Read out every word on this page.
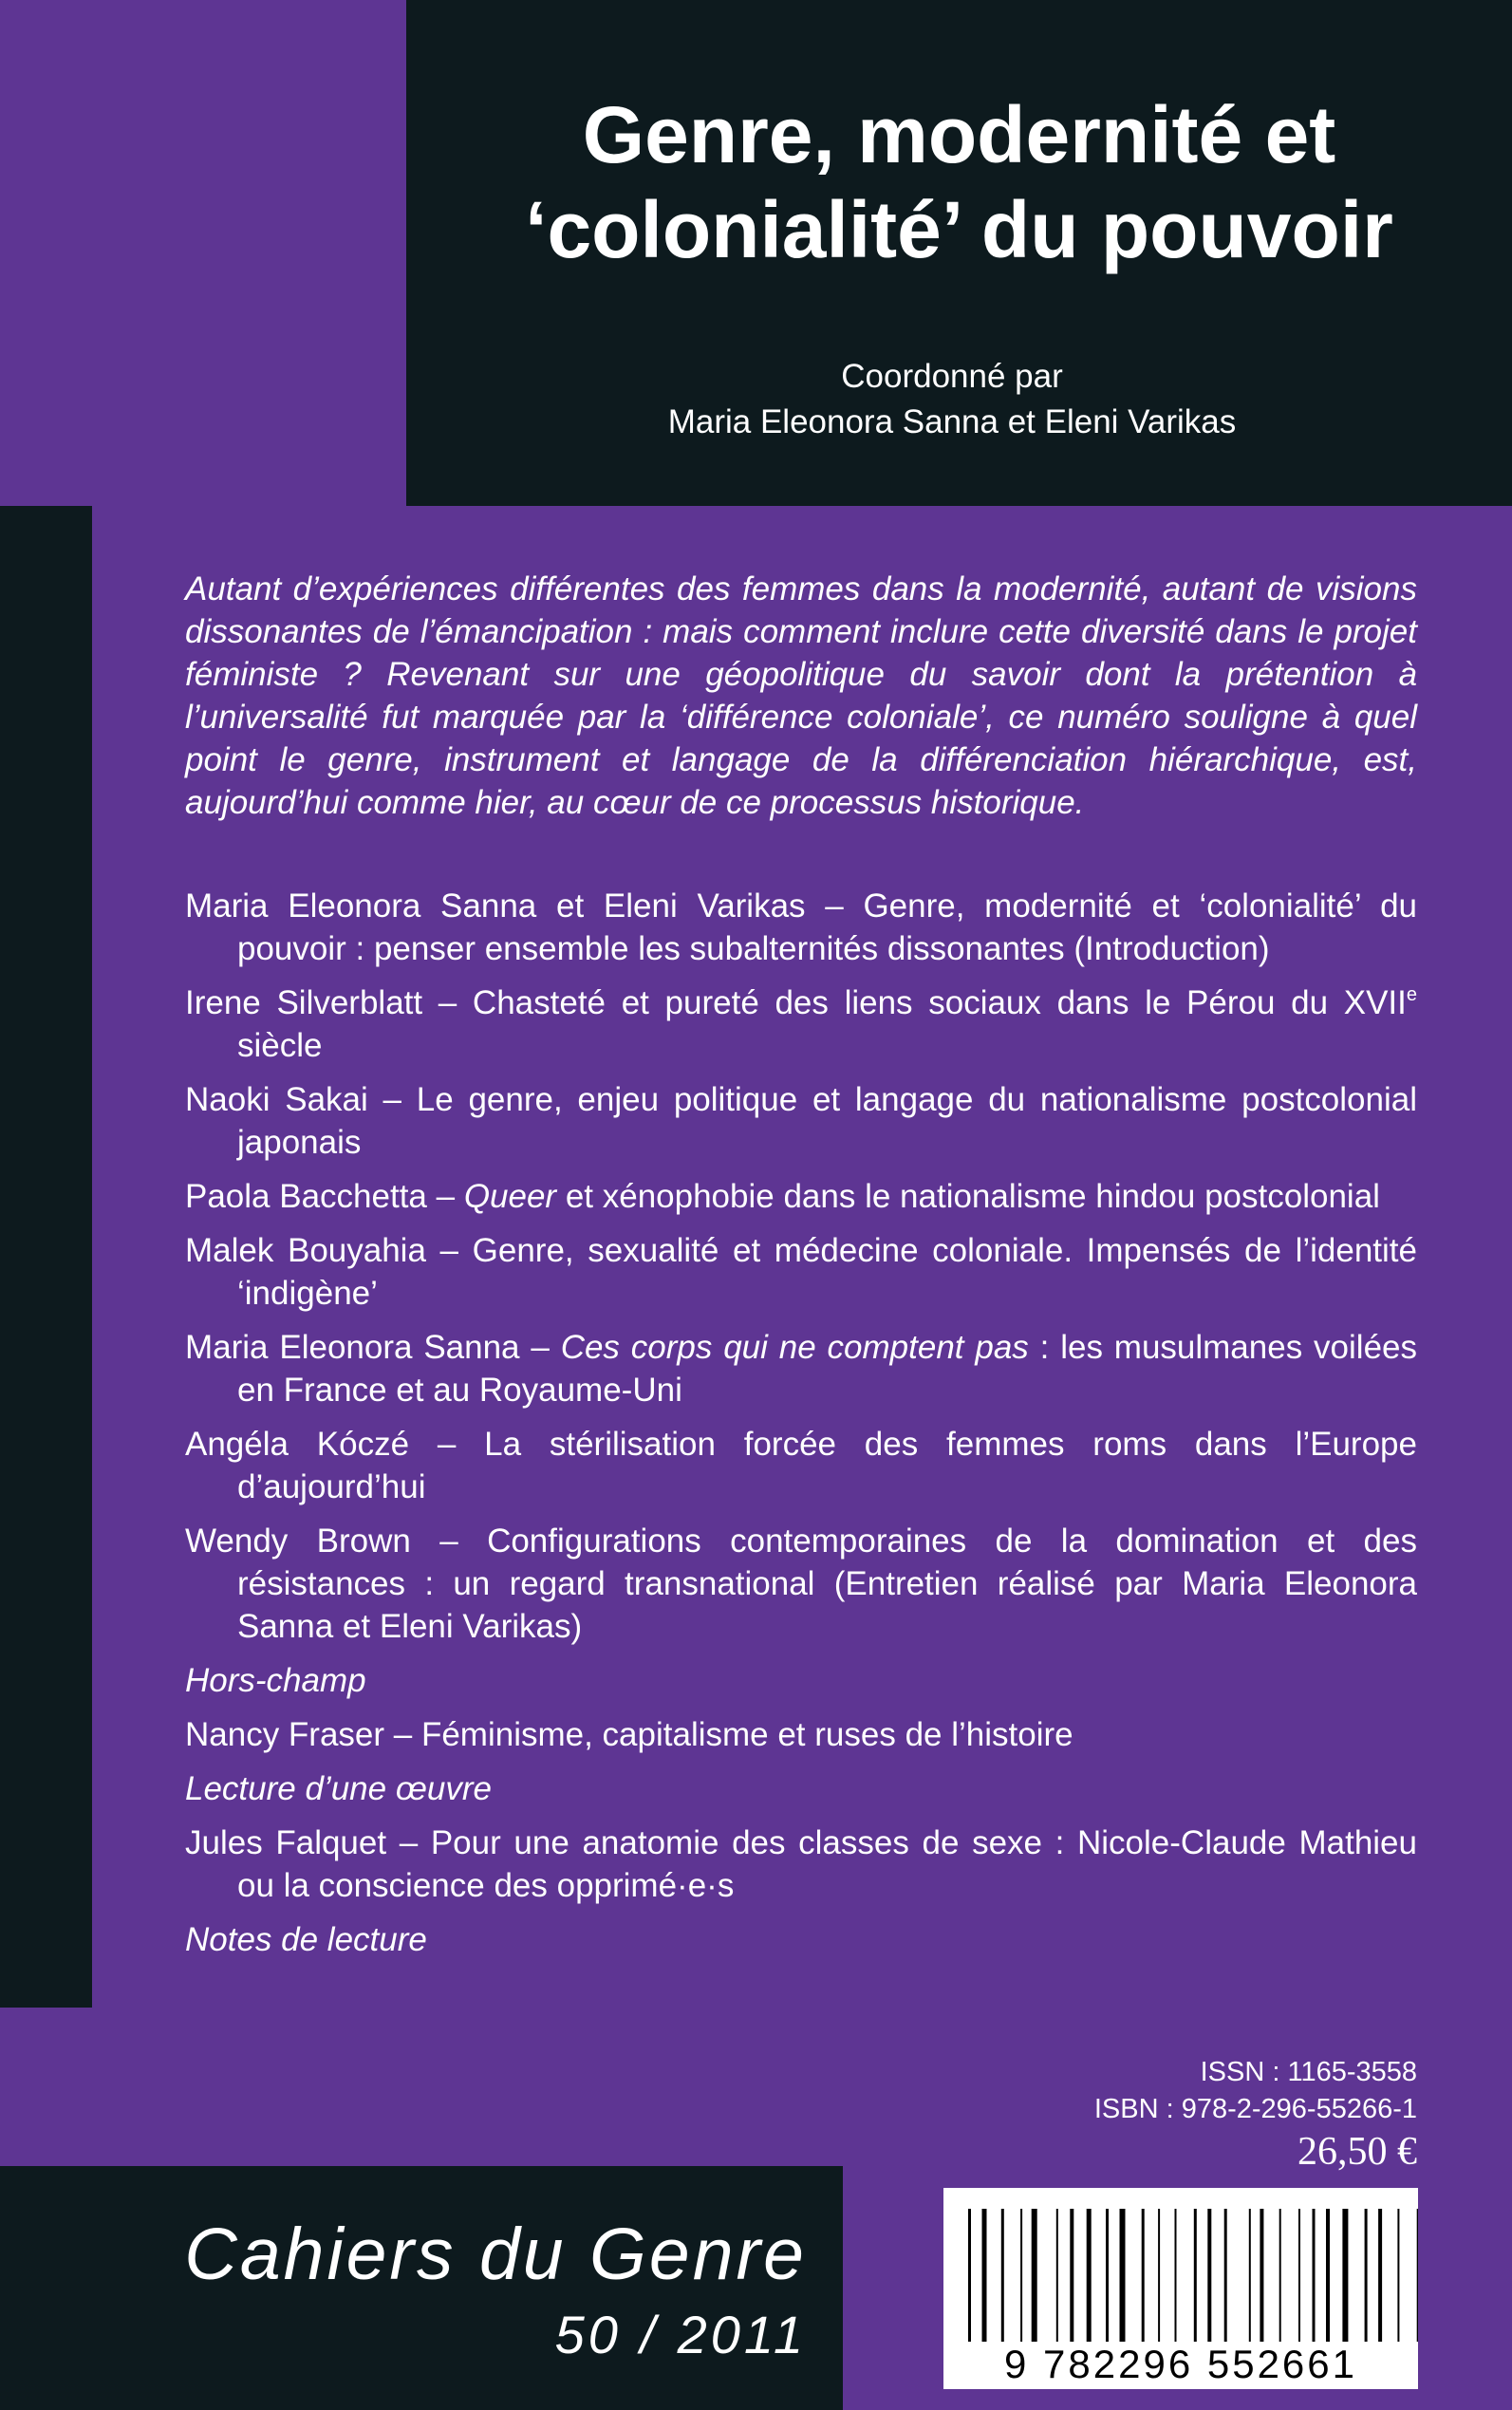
Genre, modernité et
‘colonialité’ du pouvoir
Coordonné par
Maria Eleonora Sanna et Eleni Varikas

Autant d’expériences différentes des femmes dans la modernité, autant de visions dissonantes de l’émancipation : mais comment inclure cette diversité dans le projet féministe ? Revenant sur une géopolitique du savoir dont la prétention à l’universalité fut marquée par la ‘différence coloniale’, ce numéro souligne à quel point le genre, instrument et langage de la différenciation hiérarchique, est, aujourd’hui comme hier, au cœur de ce processus historique.

Maria Eleonora Sanna et Eleni Varikas – Genre, modernité et ‘colonialité’ du pouvoir : penser ensemble les subalternités dissonantes (Introduction)
Irene Silverblatt – Chasteté et pureté des liens sociaux dans le Pérou du XVIIe siècle
Naoki Sakai – Le genre, enjeu politique et langage du nationalisme postcolonial japonais
Paola Bacchetta – Queer et xénophobie dans le nationalisme hindou postcolonial
Malek Bouyahia – Genre, sexualité et médecine coloniale. Impensés de l’identité ‘indigène’
Maria Eleonora Sanna – Ces corps qui ne comptent pas : les musulmanes voilées en France et au Royaume-Uni
Angéla Kóczé – La stérilisation forcée des femmes roms dans l’Europe d’aujourd’hui
Wendy Brown – Configurations contemporaines de la domination et des résistances : un regard transnational (Entretien réalisé par Maria Eleonora Sanna et Eleni Varikas)
Hors-champ
Nancy Fraser – Féminisme, capitalisme et ruses de l’histoire
Lecture d’une œuvre
Jules Falquet – Pour une anatomie des classes de sexe : Nicole-Claude Mathieu ou la conscience des opprimé·e·s
Notes de lecture
ISSN : 1165-3558
ISBN : 978-2-296-55266-1
26,50 €
Cahiers du Genre
50 / 2011	9 782296 552661
